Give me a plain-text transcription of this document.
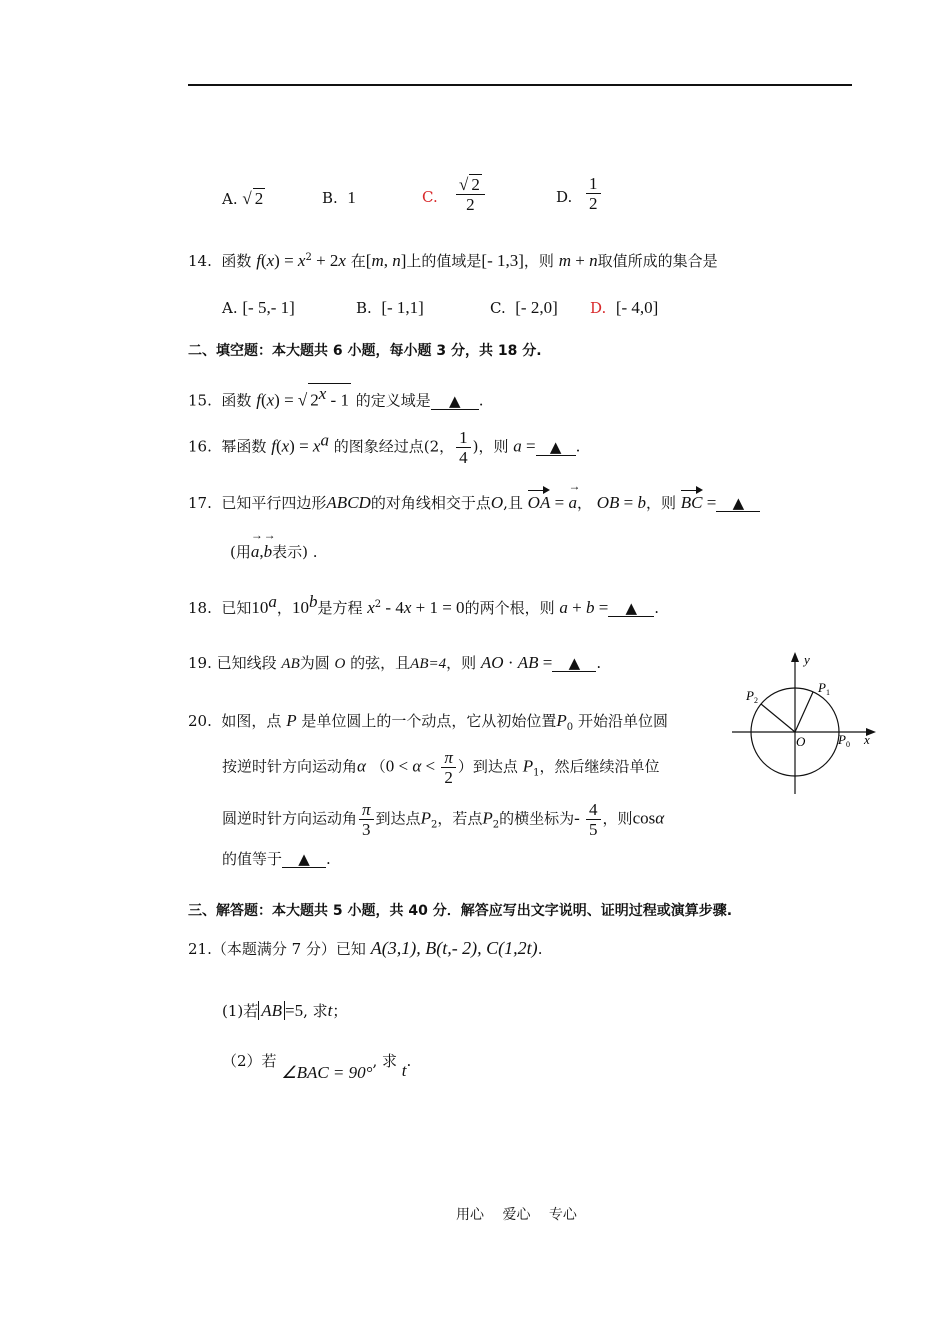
A. √ 2	B. 1	C. $\frac{√ 2}{2}$	D. $\frac{1}{2}$
14. 函数 $f(x) = x^2 + 2x$ 在[m, n]上的值域是[- 1,3]，则 m + n取值所成的集合是
A. [- 5,- 1]	B. [- 1,1]	C. [- 2,0] D. [- 4,0]
二、填空题：本大题共 6 小题，每小题 3 分，共 18 分.
15. 函数 f(x) = √ 2$^x$ - 1 的定义域是 ▲ .
16. 幂函数 $f(x) = x^a$ 的图象经过点(2， $\frac{1}{4}$ )，则 a = ▲ .
17. 已知平行四边形ABCD的对角线相交于点O,且 OA = → a， OB = b，则 BC = ▲
(用→ a,→ b表示) .
18. 已知10$^a$，10$^b$是方程 $x^2 - 4x + 1 = 0$的两个根，则 a + b = ▲ .
19. 已知线段 AB为圆 O 的弦，且AB=4，则 AO · AB = ▲ .
20. 如图，点 P 是单位圆上的一个动点，它从初始位置$P_0$ 开始沿单位圆
按逆时针方向运动角α （$0 < \alpha < \frac{\pi}{2}$ ）到达点 $P_1$，然后继续沿单位
圆逆时针方向运动角 $\frac{\pi}{3}$ 到达点$P_2$，若点$P_2$的横坐标为- $\frac{4}{5}$ ，则cosα
的值等于 ▲ .
y
x
O	$P_0$
$P_1$
$P_2$
三、解答题：本大题共 5 小题，共 40 分．解答应写出文字说明、证明过程或演算步骤.
21.（本题满分 7 分）已知 A(3,1), B(t,- 2), C(1,2t).
(1)若 AB =5, 求t；
（2）若 ∠BAC = 90°, 求 t.
用心　 爱心　 专心
